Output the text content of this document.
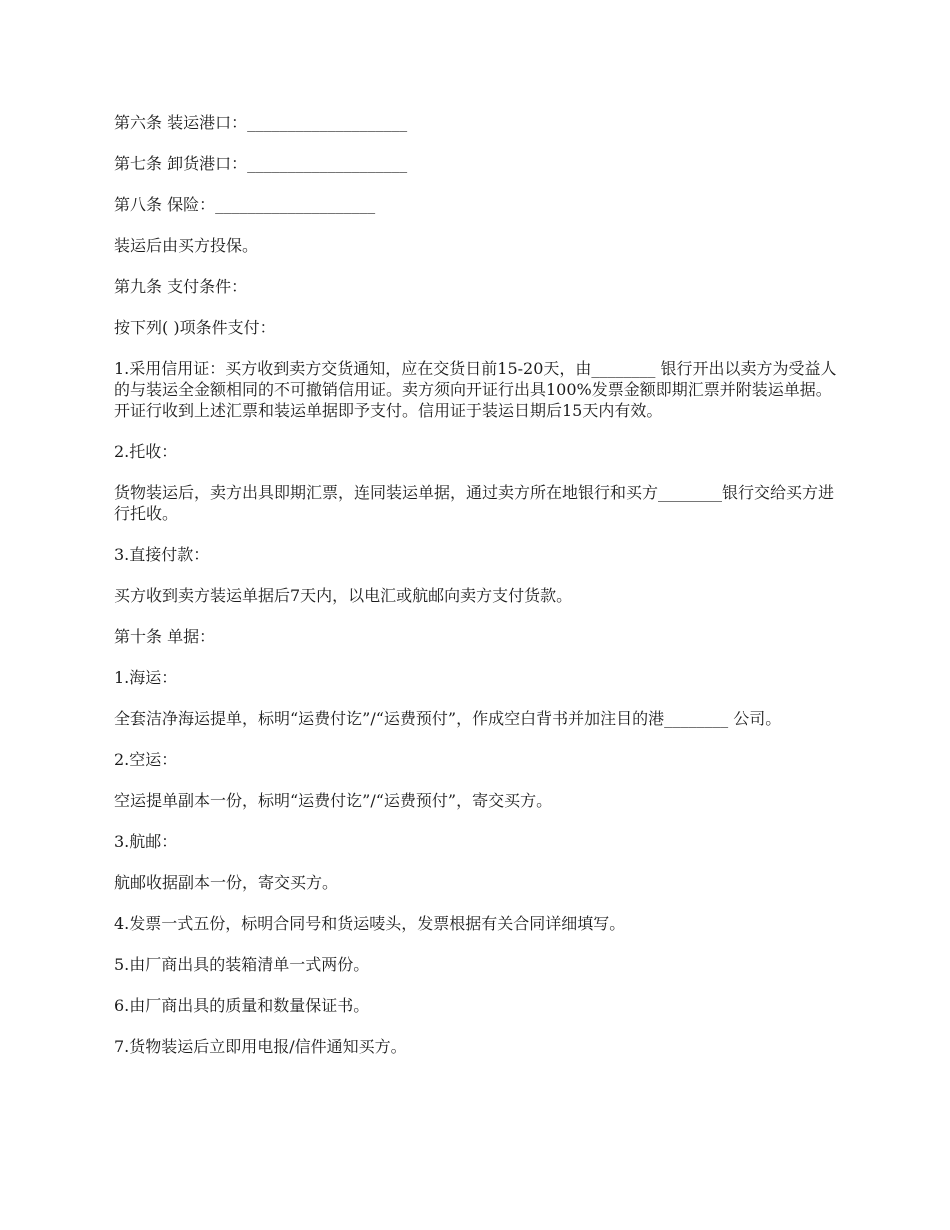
第六条 装运港口：____________________

第七条 卸货港口：____________________

第八条 保险：____________________

装运后由买方投保。

第九条 支付条件：

按下列( )项条件支付：

1.采用信用证：买方收到卖方交货通知，应在交货日前15-20天，由________ 银行开出以卖方为受益人的与装运全金额相同的不可撤销信用证。卖方须向开证行出具100%发票金额即期汇票并附装运单据。开证行收到上述汇票和装运单据即予支付。信用证于装运日期后15天内有效。

2.托收：

货物装运后，卖方出具即期汇票，连同装运单据，通过卖方所在地银行和买方________银行交给买方进行托收。

3.直接付款：

买方收到卖方装运单据后7天内，以电汇或航邮向卖方支付货款。

第十条 单据：

1.海运：

全套洁净海运提单，标明“运费付讫”/“运费预付”，作成空白背书并加注目的港________ 公司。

2.空运：

空运提单副本一份，标明“运费付讫”/“运费预付”，寄交买方。

3.航邮：

航邮收据副本一份，寄交买方。

4.发票一式五份，标明合同号和货运唛头，发票根据有关合同详细填写。

5.由厂商出具的装箱清单一式两份。

6.由厂商出具的质量和数量保证书。

7.货物装运后立即用电报/信件通知买方。
